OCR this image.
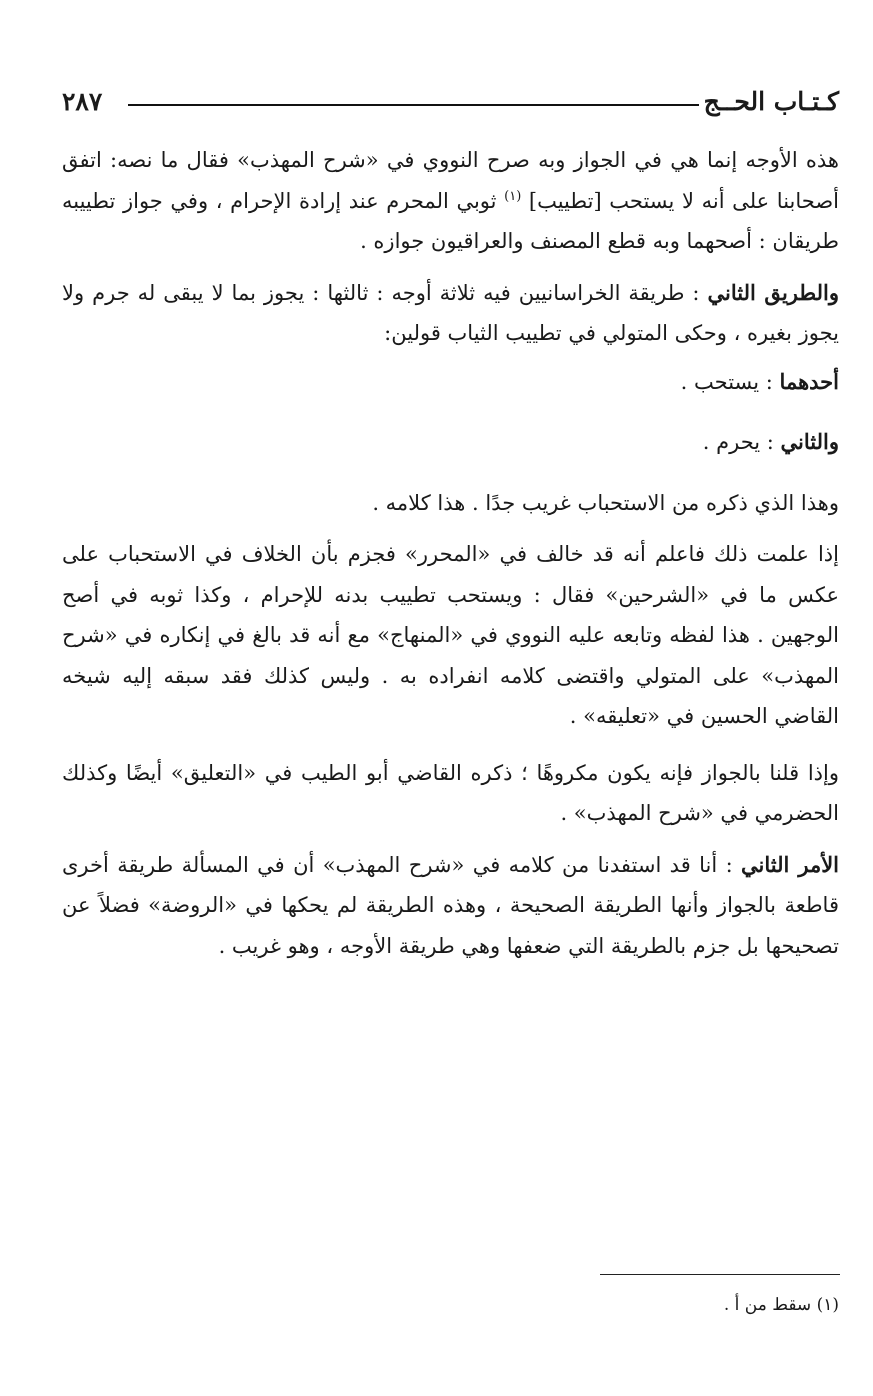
كـتـاب الحــج
٢٨٧

هذه الأوجه إنما هي في الجواز وبه صرح النووي في «شرح المهذب» فقال ما نصه: اتفق أصحابنا على أنه لا يستحب [تطييب] $^{(١)}$ ثوبي المحرم عند إرادة الإحرام ، وفي جواز تطييبه طريقان : أصحهما وبه قطع المصنف والعراقيون جوازه .

والطريق الثاني : طريقة الخراسانيين فيه ثلاثة أوجه : ثالثها : يجوز بما لا يبقى له جرم ولا يجوز بغيره ، وحكى المتولي في تطييب الثياب قولين:

أحدهما : يستحب .

والثاني : يحرم .

وهذا الذي ذكره من الاستحباب غريب جدًا . هذا كلامه .

إذا علمت ذلك فاعلم أنه قد خالف في «المحرر» فجزم بأن الخلاف في الاستحباب على عكس ما في «الشرحين» فقال : ويستحب تطييب بدنه للإحرام ، وكذا ثوبه في أصح الوجهين . هذا لفظه وتابعه عليه النووي في «المنهاج» مع أنه قد بالغ في إنكاره في «شرح المهذب» على المتولي واقتضى كلامه انفراده به . وليس كذلك فقد سبقه إليه شيخه القاضي الحسين في «تعليقه» .

وإذا قلنا بالجواز فإنه يكون مكروهًا ؛ ذكره القاضي أبو الطيب في «التعليق» أيضًا وكذلك الحضرمي في «شرح المهذب» .

الأمر الثاني : أنا قد استفدنا من كلامه في «شرح المهذب» أن في المسألة طريقة أخرى قاطعة بالجواز وأنها الطريقة الصحيحة ، وهذه الطريقة لم يحكها في «الروضة» فضلاً عن تصحيحها بل جزم بالطريقة التي ضعفها وهي طريقة الأوجه ، وهو غريب .

(١) سقط من أ .
